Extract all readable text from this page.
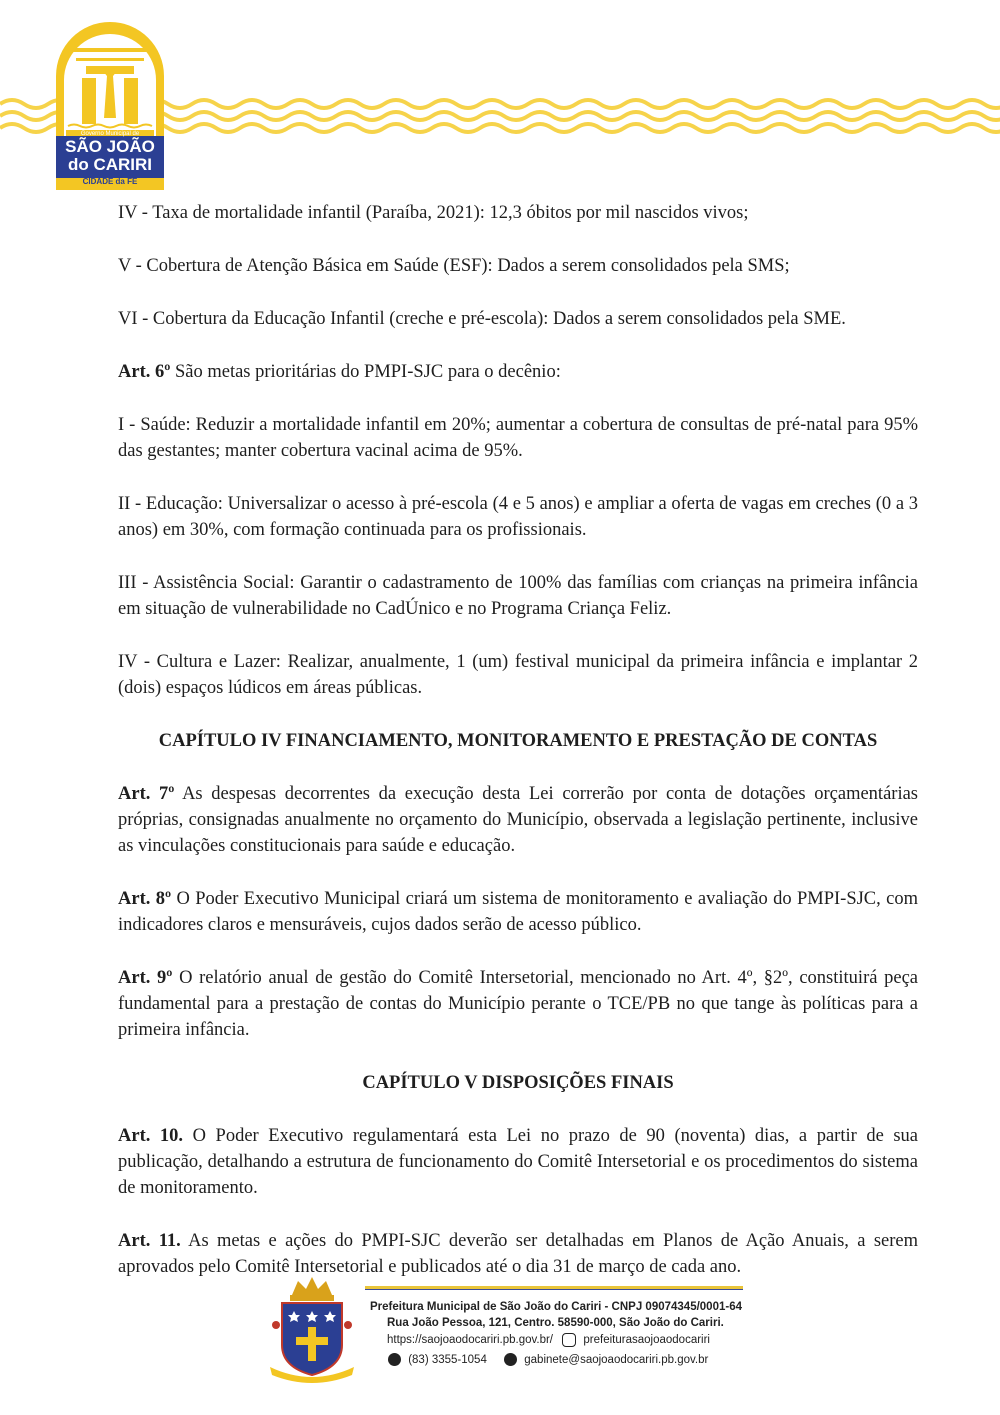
Governo Municipal de
SÃO JOÃO
do CARIRI
CIDADE da FÉ

IV - Taxa de mortalidade infantil (Paraíba, 2021): 12,3 óbitos por mil nascidos vivos;

V - Cobertura de Atenção Básica em Saúde (ESF): Dados a serem consolidados pela SMS;

VI - Cobertura da Educação Infantil (creche e pré-escola): Dados a serem consolidados pela SME.

Art. 6º São metas prioritárias do PMPI-SJC para o decênio:

I - Saúde: Reduzir a mortalidade infantil em 20%; aumentar a cobertura de consultas de pré-natal para 95% das gestantes; manter cobertura vacinal acima de 95%.

II - Educação: Universalizar o acesso à pré-escola (4 e 5 anos) e ampliar a oferta de vagas em creches (0 a 3 anos) em 30%, com formação continuada para os profissionais.

III - Assistência Social: Garantir o cadastramento de 100% das famílias com crianças na primeira infância em situação de vulnerabilidade no CadÚnico e no Programa Criança Feliz.

IV - Cultura e Lazer: Realizar, anualmente, 1 (um) festival municipal da primeira infância e implantar 2 (dois) espaços lúdicos em áreas públicas.

CAPÍTULO IV FINANCIAMENTO, MONITORAMENTO E PRESTAÇÃO DE CONTAS

Art. 7º As despesas decorrentes da execução desta Lei correrão por conta de dotações orçamentárias próprias, consignadas anualmente no orçamento do Município, observada a legislação pertinente, inclusive as vinculações constitucionais para saúde e educação.

Art. 8º O Poder Executivo Municipal criará um sistema de monitoramento e avaliação do PMPI-SJC, com indicadores claros e mensuráveis, cujos dados serão de acesso público.

Art. 9º O relatório anual de gestão do Comitê Intersetorial, mencionado no Art. 4º, §2º, constituirá peça fundamental para a prestação de contas do Município perante o TCE/PB no que tange às políticas para a primeira infância.

CAPÍTULO V DISPOSIÇÕES FINAIS

Art. 10. O Poder Executivo regulamentará esta Lei no prazo de 90 (noventa) dias, a partir de sua publicação, detalhando a estrutura de funcionamento do Comitê Intersetorial e os procedimentos do sistema de monitoramento.

Art. 11. As metas e ações do PMPI-SJC deverão ser detalhadas em Planos de Ação Anuais, a serem aprovados pelo Comitê Intersetorial e publicados até o dia 31 de março de cada ano.

Prefeitura Municipal de São João do Cariri - CNPJ 09074345/0001-64
Rua João Pessoa, 121, Centro. 58590-000, São João do Cariri.
https://saojoaodocariri.pb.gov.br/	prefeiturasaojoaodocariri
(83) 3355-1054	gabinete@saojoaodocariri.pb.gov.br
